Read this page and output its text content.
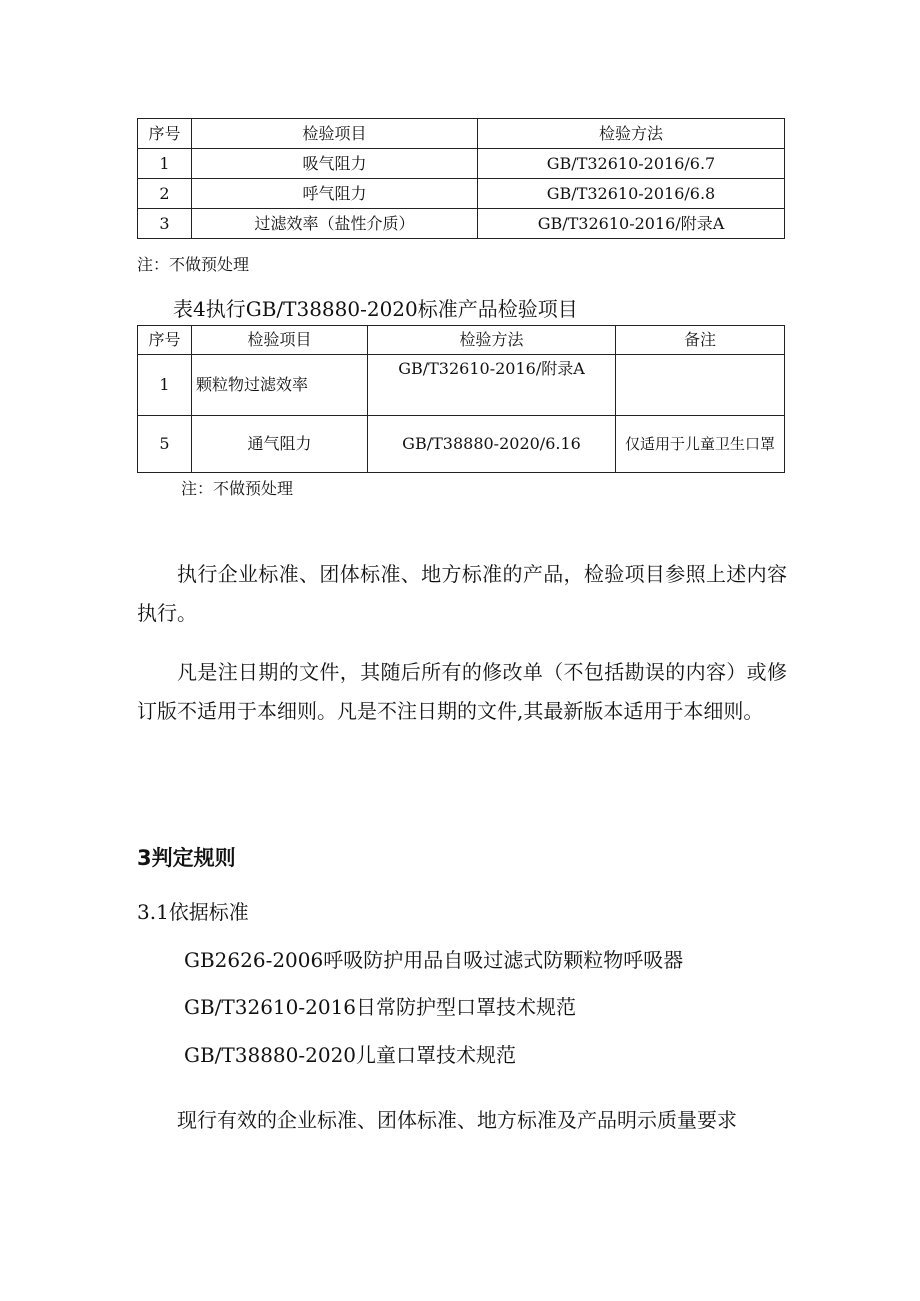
序号	检验项目	检验方法
1	吸气阻力	GB/T32610-2016/6.7
2	呼气阻力	GB/T32610-2016/6.8
3	过滤效率（盐性介质）	GB/T32610-2016/附录A
注：不做预处理
表4执行GB/T38880-2020标准产品检验项目
序号	检验项目	检验方法	备注
1	颗粒物过滤效率	GB/T32610-2016/附录A	
5	通气阻力	GB/T38880-2020/6.16	仅适用于儿童卫生口罩
注：不做预处理

执行企业标准、团体标准、地方标准的产品，检验项目参照上述内容执行。

凡是注日期的文件，其随后所有的修改单（不包括勘误的内容）或修订版不适用于本细则。凡是不注日期的文件,其最新版本适用于本细则。

3判定规则
3.1依据标准
GB2626-2006呼吸防护用品自吸过滤式防颗粒物呼吸器
GB/T32610-2016日常防护型口罩技术规范
GB/T38880-2020儿童口罩技术规范

现行有效的企业标准、团体标准、地方标准及产品明示质量要求
